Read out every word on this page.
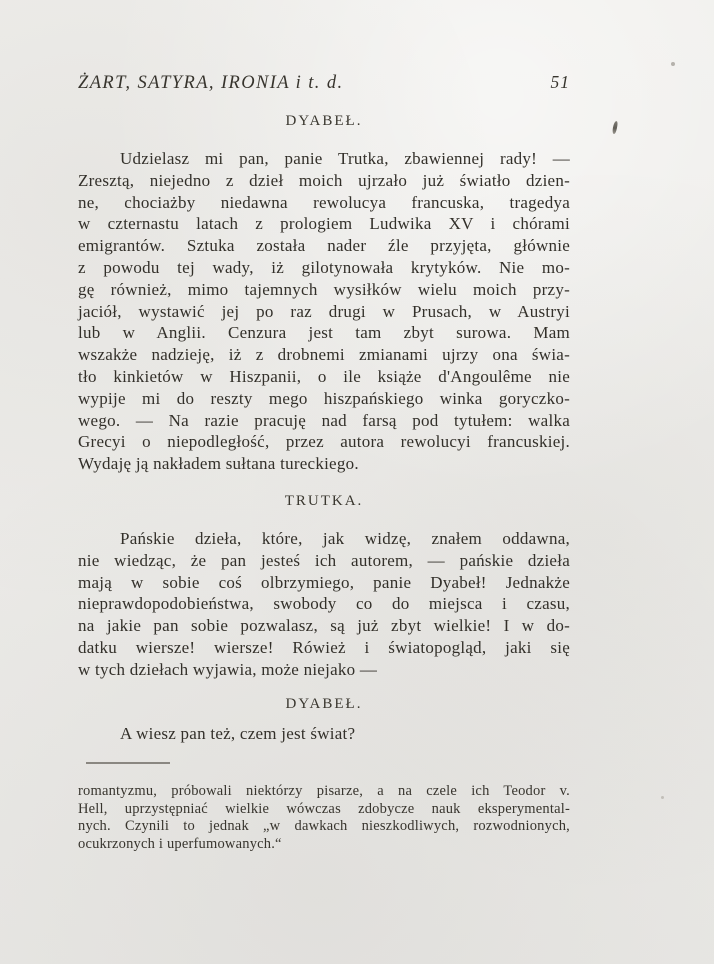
ŻART, SATYRA, IRONIA i t. d.	51
DYABEŁ.
Udzielasz mi pan, panie Trutka, zbawiennej rady! —
Zresztą, niejedno z dzieł moich ujrzało już światło dzien-
ne, chociażby niedawna rewolucya francuska, tragedya
w czternastu latach z prologiem Ludwika XV i chórami
emigrantów. Sztuka została nader źle przyjęta, głównie
z powodu tej wady, iż gilotynowała krytyków. Nie mo-
gę również, mimo tajemnych wysiłków wielu moich przy-
jaciół, wystawić jej po raz drugi w Prusach, w Austryi
lub w Anglii. Cenzura jest tam zbyt surowa. Mam
wszakże nadzieję, iż z drobnemi zmianami ujrzy ona świa-
tło kinkietów w Hiszpanii, o ile książe d'Angoulême nie
wypije mi do reszty mego hiszpańskiego winka goryczko-
wego. — Na razie pracuję nad farsą pod tytułem: walka
Grecyi o niepodległość, przez autora rewolucyi francuskiej.
Wydaję ją nakładem sułtana tureckiego.
TRUTKA.
Pańskie dzieła, które, jak widzę, znałem oddawna,
nie wiedząc, że pan jesteś ich autorem, — pańskie dzieła
mają w sobie coś olbrzymiego, panie Dyabeł! Jednakże
nieprawdopodobieństwa, swobody co do miejsca i czasu,
na jakie pan sobie pozwalasz, są już zbyt wielkie! I w do-
datku wiersze! wiersze! Rówież i światopogląd, jaki się
w tych dziełach wyjawia, może niejako —
DYABEŁ.
A wiesz pan też, czem jest świat?
romantyzmu, próbowali niektórzy pisarze, a na czele ich Teodor v.
Hell, uprzystępniać wielkie wówczas zdobycze nauk eksperymental-
nych. Czynili to jednak „w dawkach nieszkodliwych, rozwodnionych,
ocukrzonych i uperfumowanych.“
